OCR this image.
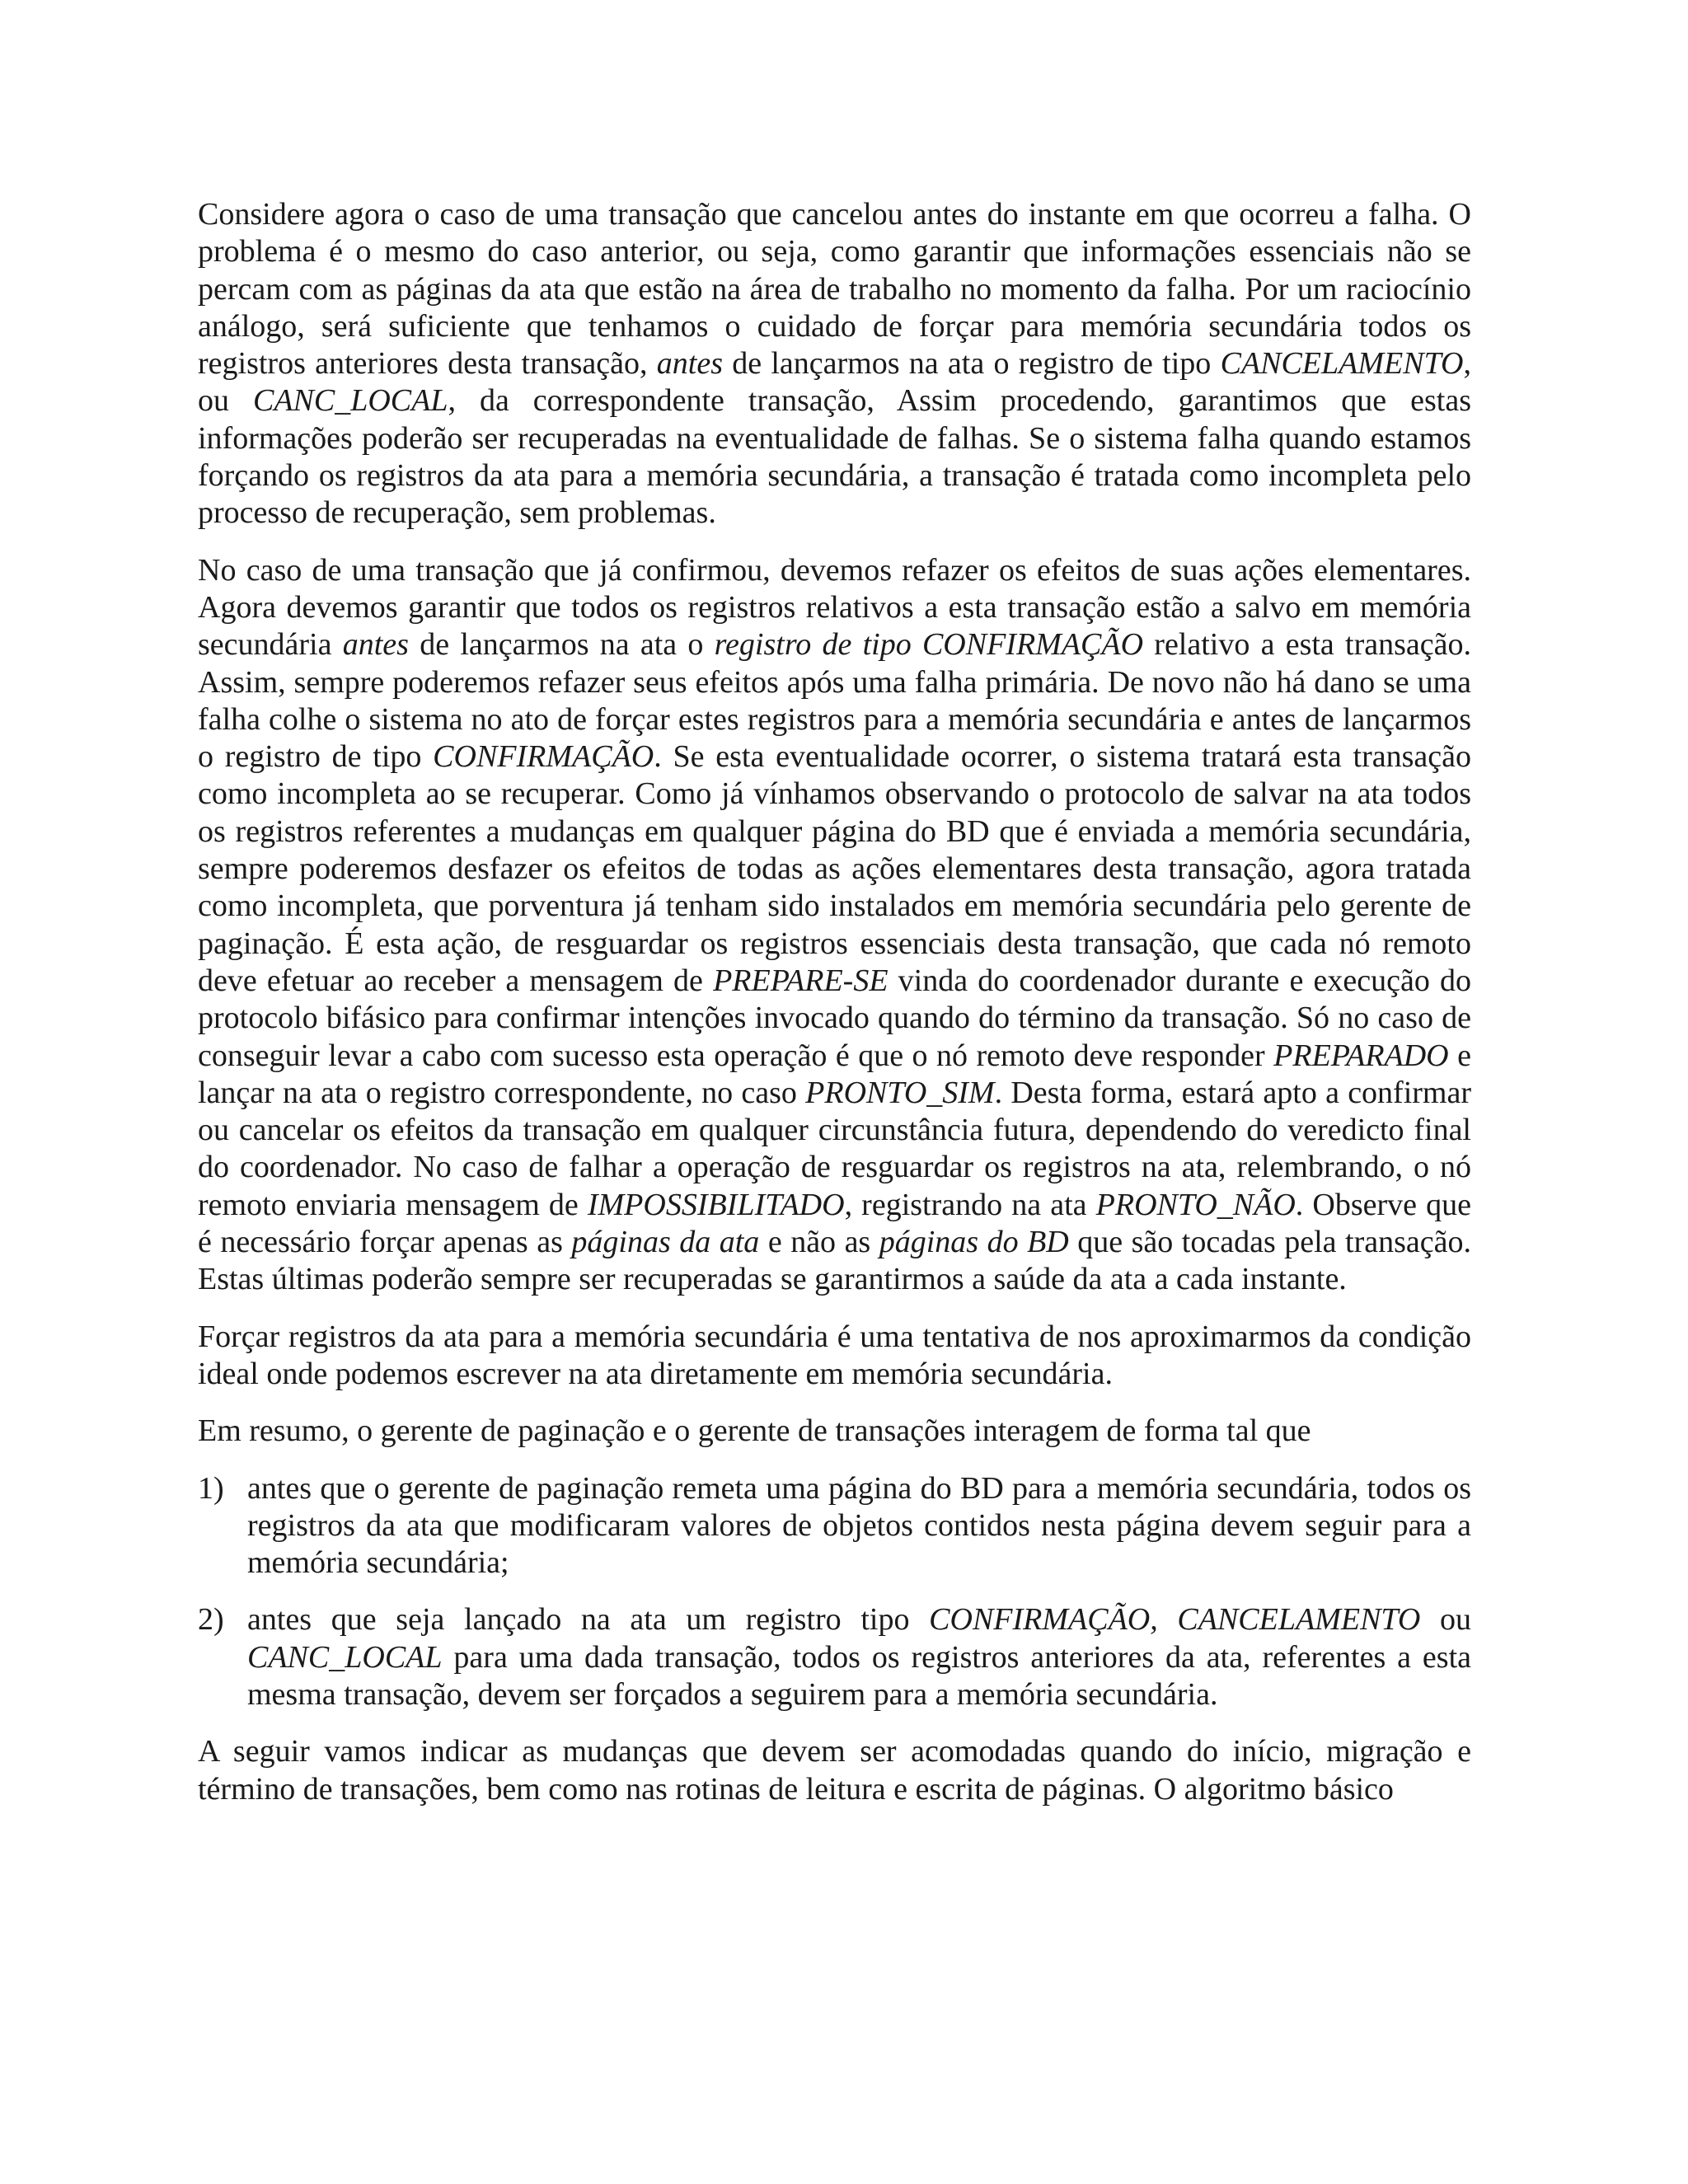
Considere agora o caso de uma transação que cancelou antes do instante em que ocorreu a falha. O problema é o mesmo do caso anterior, ou seja, como garantir que informações essenciais não se percam com as páginas da ata que estão na área de trabalho no momento da falha. Por um raciocínio análogo, será suficiente que tenhamos o cuidado de forçar para memória secundária todos os registros anteriores desta transação, antes de lançarmos na ata o registro de tipo CANCELAMENTO, ou CANC_LOCAL, da correspondente transação, Assim procedendo, garantimos que estas informações poderão ser recuperadas na eventualidade de falhas. Se o sistema falha quando estamos forçando os registros da ata para a memória secundária, a transação é tratada como incompleta pelo processo de recuperação, sem problemas.

No caso de uma transação que já confirmou, devemos refazer os efeitos de suas ações elementares. Agora devemos garantir que todos os registros relativos a esta transação estão a salvo em memória secundária antes de lançarmos na ata o registro de tipo CONFIRMAÇÃO relativo a esta transação. Assim, sempre poderemos refazer seus efeitos após uma falha primária. De novo não há dano se uma falha colhe o sistema no ato de forçar estes registros para a memória secundária e antes de lançarmos o registro de tipo CONFIRMAÇÃO. Se esta eventualidade ocorrer, o sistema tratará esta transação como incompleta ao se recuperar. Como já vínhamos observando o protocolo de salvar na ata todos os registros referentes a mudanças em qualquer página do BD que é enviada a memória secundária, sempre poderemos desfazer os efeitos de todas as ações elementares desta transação, agora tratada como incompleta, que porventura já tenham sido instalados em memória secundária pelo gerente de paginação. É esta ação, de resguardar os registros essenciais desta transação, que cada nó remoto deve efetuar ao receber a mensagem de PREPARE-SE vinda do coordenador durante e execução do protocolo bifásico para confirmar intenções invocado quando do término da transação. Só no caso de conseguir levar a cabo com sucesso esta operação é que o nó remoto deve responder PREPARADO e lançar na ata o registro correspondente, no caso PRONTO_SIM. Desta forma, estará apto a confirmar ou cancelar os efeitos da transação em qualquer circunstância futura, dependendo do veredicto final do coordenador. No caso de falhar a operação de resguardar os registros na ata, relembrando, o nó remoto enviaria mensagem de IMPOSSIBILITADO, registrando na ata PRONTO_NÃO. Observe que é necessário forçar apenas as páginas da ata e não as páginas do BD que são tocadas pela transação. Estas últimas poderão sempre ser recuperadas se garantirmos a saúde da ata a cada instante.

Forçar registros da ata para a memória secundária é uma tentativa de nos aproximarmos da condição ideal onde podemos escrever na ata diretamente em memória secundária.

Em resumo, o gerente de paginação e o gerente de transações interagem de forma tal que

1) antes que o gerente de paginação remeta uma página do BD para a memória secundária, todos os registros da ata que modificaram valores de objetos contidos nesta página devem seguir para a memória secundária;
2) antes que seja lançado na ata um registro tipo CONFIRMAÇÃO, CANCELAMENTO ou CANC_LOCAL para uma dada transação, todos os registros anteriores da ata, referentes a esta mesma transação, devem ser forçados a seguirem para a memória secundária.
A seguir vamos indicar as mudanças que devem ser acomodadas quando do início, migração e término de transações, bem como nas rotinas de leitura e escrita de páginas. O algoritmo básico
